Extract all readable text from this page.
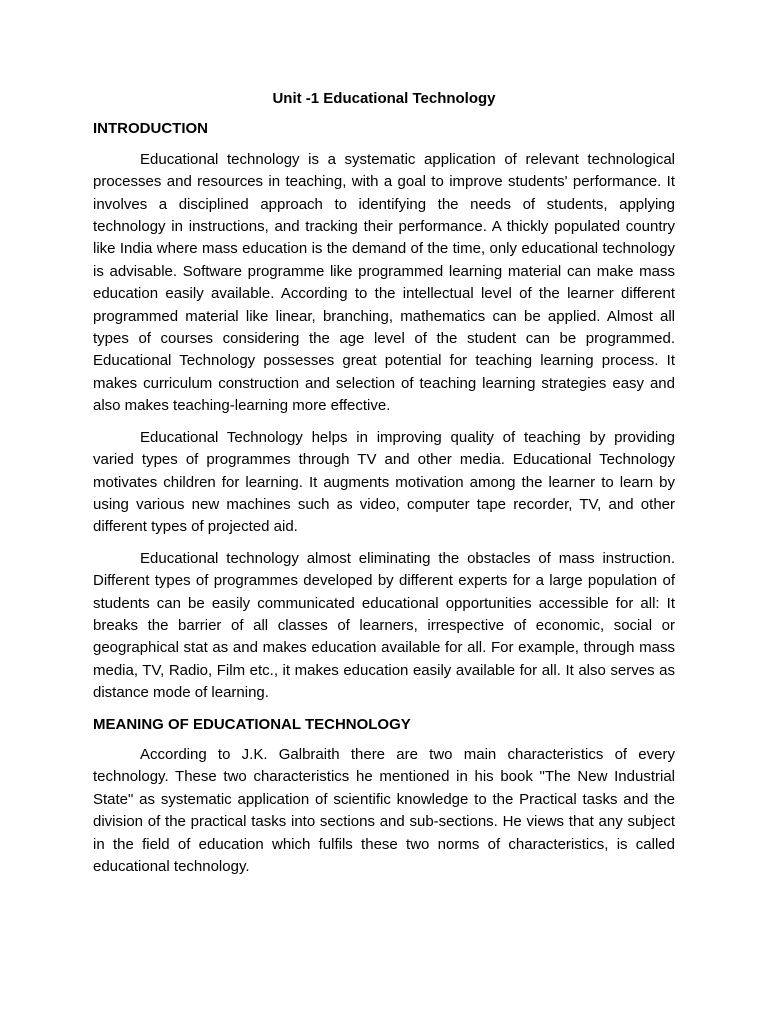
Unit -1 Educational Technology
INTRODUCTION

Educational technology is a systematic application of relevant technological processes and resources in teaching, with a goal to improve students' performance. It involves a disciplined approach to identifying the needs of students, applying technology in instructions, and tracking their performance. A thickly populated country like India where mass education is the demand of the time, only educational technology is advisable. Software programme like programmed learning material can make mass education easily available. According to the intellectual level of the learner different programmed material like linear, branching, mathematics can be applied. Almost all types of courses considering the age level of the student can be programmed. Educational Technology possesses great potential for teaching learning process. It makes curriculum construction and selection of teaching learning strategies easy and also makes teaching-learning more effective.

Educational Technology helps in improving quality of teaching by providing varied types of programmes through TV and other media. Educational Technology motivates children for learning. It augments motivation among the learner to learn by using various new machines such as video, computer tape recorder, TV, and other different types of projected aid.

Educational technology almost eliminating the obstacles of mass instruction. Different types of programmes developed by different experts for a large population of students can be easily communicated educational opportunities accessible for all: It breaks the barrier of all classes of learners, irrespective of economic, social or geographical stat as and makes education available for all. For example, through mass media, TV, Radio, Film etc., it makes education easily available for all. It also serves as distance mode of learning.

MEANING OF EDUCATIONAL TECHNOLOGY

According to J.K. Galbraith there are two main characteristics of every technology. These two characteristics he mentioned in his book "The New Industrial State" as systematic application of scientific knowledge to the Practical tasks and the division of the practical tasks into sections and sub-sections. He views that any subject in the field of education which fulfils these two norms of characteristics, is called educational technology.
